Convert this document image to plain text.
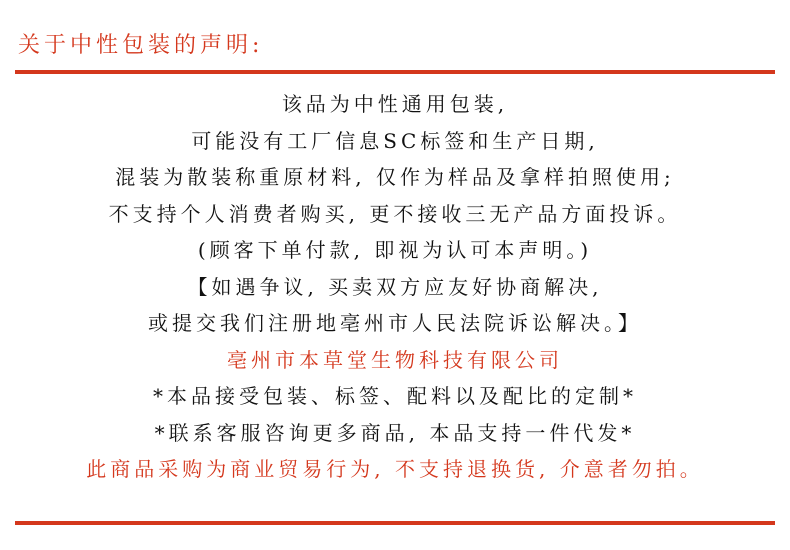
关于中性包装的声明:
该品为中性通用包装,
可能没有工厂信息SC标签和生产日期,
混装为散装称重原材料, 仅作为样品及拿样拍照使用;
不支持个人消费者购买, 更不接收三无产品方面投诉。
(顾客下单付款, 即视为认可本声明。)
【如遇争议, 买卖双方应友好协商解决,
或提交我们注册地亳州市人民法院诉讼解决。】
亳州市本草堂生物科技有限公司
*本品接受包装、标签、配料以及配比的定制*
*联系客服咨询更多商品, 本品支持一件代发*
此商品采购为商业贸易行为, 不支持退换货, 介意者勿拍。
